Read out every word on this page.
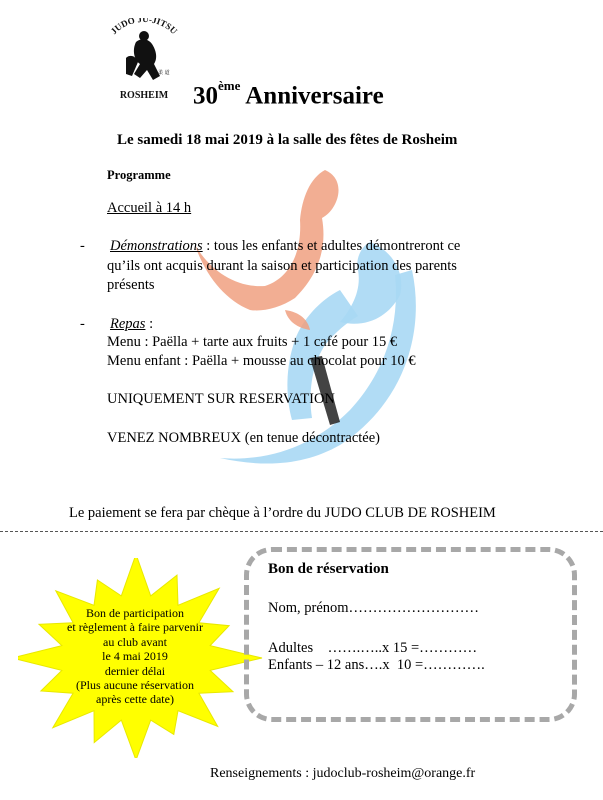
JUDO JU-JITSU
柔 道
ROSHEIM 30ème Anniversaire
Le samedi 18 mai 2019 à la salle des fêtes de Rosheim
Programme
Accueil à 14 h
- Démonstrations : tous les enfants et adultes démontreront ce
qu’ils ont acquis durant la saison et participation des parents
présents
- Repas :
Menu : Paëlla + tarte aux fruits + 1 café pour 15 €
Menu enfant : Paëlla + mousse au chocolat pour 10 €
UNIQUEMENT SUR RESERVATION
VENEZ NOMBREUX (en tenue décontractée)
Le paiement se fera par chèque à l’ordre du JUDO CLUB DE ROSHEIM
Bon de participation
et règlement à faire parvenir
au club avant
le 4 mai 2019
dernier délai
(Plus aucune réservation
après cette date)
Bon de réservation
Nom, prénom………………………
Adultes    …….…..x 15 =…………
Enfants – 12 ans….x  10 =………….
Renseignements : judoclub-rosheim@orange.fr
